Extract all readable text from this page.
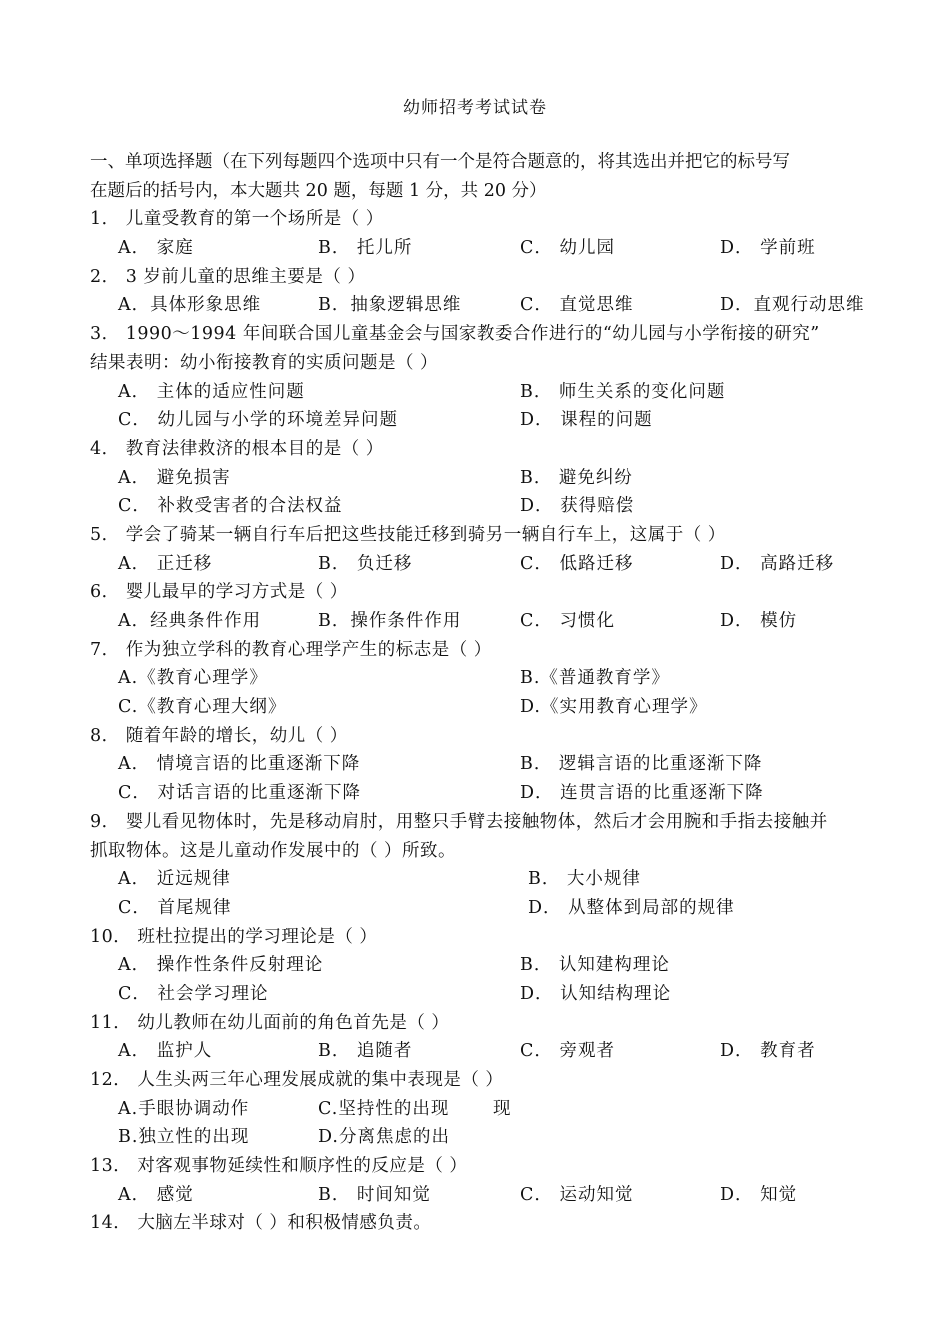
幼师招考考试试卷
一、单项选择题（在下列每题四个选项中只有一个是符合题意的，将其选出并把它的标号写
在题后的括号内，本大题共 20 题，每题 1 分，共 20 分）
1． 儿童受教育的第一个场所是（ ）
A． 家庭	B． 托儿所	C． 幼儿园	D． 学前班
2． 3 岁前儿童的思维主要是（ ）
A．具体形象思维	B．抽象逻辑思维	C． 直觉思维	D．直观行动思维
3． 1990～1994 年间联合国儿童基金会与国家教委合作进行的“幼儿园与小学衔接的研究”
结果表明：幼小衔接教育的实质问题是（ ）
A． 主体的适应性问题	B． 师生关系的变化问题
C． 幼儿园与小学的环境差异问题	D． 课程的问题
4． 教育法律救济的根本目的是（ ）
A． 避免损害	B． 避免纠纷
C． 补救受害者的合法权益	D． 获得赔偿
5． 学会了骑某一辆自行车后把这些技能迁移到骑另一辆自行车上，这属于（ ）
A． 正迁移	B． 负迁移	C． 低路迁移	D． 高路迁移
6． 婴儿最早的学习方式是（ ）
A．经典条件作用	B．操作条件作用	C． 习惯化	D． 模仿
7． 作为独立学科的教育心理学产生的标志是（ ）
A.《教育心理学》	B.《普通教育学》
C.《教育心理大纲》	D.《实用教育心理学》
8． 随着年龄的增长，幼儿（ ）
A． 情境言语的比重逐渐下降	B． 逻辑言语的比重逐渐下降
C． 对话言语的比重逐渐下降	D． 连贯言语的比重逐渐下降
9． 婴儿看见物体时，先是移动肩肘，用整只手臂去接触物体，然后才会用腕和手指去接触并
抓取物体。这是儿童动作发展中的（ ）所致。
A． 近远规律	B． 大小规律
C． 首尾规律	D． 从整体到局部的规律
10． 班杜拉提出的学习理论是（ ）
A． 操作性条件反射理论	B． 认知建构理论
C． 社会学习理论	D． 认知结构理论
11． 幼儿教师在幼儿面前的角色首先是（ ）
A． 监护人	B． 追随者	C． 旁观者	D． 教育者
12． 人生头两三年心理发展成就的集中表现是（ ）
A.手眼协调动作	C.坚持性的出现 现
B.独立性的出现	D.分离焦虑的出
13． 对客观事物延续性和顺序性的反应是（ ）
A． 感觉	B． 时间知觉	C． 运动知觉	D． 知觉
14． 大脑左半球对（ ）和积极情感负责。
